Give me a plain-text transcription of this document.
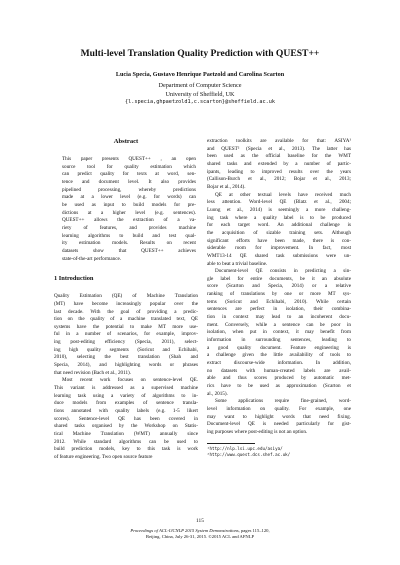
Multi-level Translation Quality Prediction with QUEST++
Lucia Specia, Gustavo Henrique Paetzold and Carolina Scarton
Department of Computer Science
University of Sheffield, UK
{l.specia,ghpaetzold1,c.scarton}@sheffield.ac.uk
Abstract
This paper presents QUEST++ , an open
source tool for quality estimation which
can predict quality for texts at word, sen-
tence and document level. It also provides
pipelined processing, whereby predictions
made at a lower level (e.g. for words) can
be used as input to build models for pre-
dictions at a higher level (e.g. sentences).
QUEST++ allows the extraction of a va-
riety of features, and provides machine
learning algorithms to build and test qual-
ity estimation models. Results on recent
datasets show that QUEST++ achieves
state-of-the-art performance.
1 Introduction
Quality Estimation (QE) of Machine Translation
(MT) have become increasingly popular over the
last decade. With the goal of providing a predic-
tion on the quality of a machine translated text, QE
systems have the potential to make MT more use-
ful in a number of scenarios, for example, improv-
ing post-editing efficiency (Specia, 2011), select-
ing high quality segments (Soricut and Echihabi,
2010), selecting the best translation (Shah and
Specia, 2014), and highlighting words or phrases
that need revision (Bach et al., 2011).
Most recent work focuses on sentence-level QE.
This variant is addressed as a supervised machine
learning task using a variety of algorithms to in-
duce models from examples of sentence transla-
tions annotated with quality labels (e.g. 1-5 likert
scores). Sentence-level QE has been covered in
shared tasks organised by the Workshop on Statis-
tical Machine Translation (WMT) annually since
2012. While standard algorithms can be used to
build prediction models, key to this task is work
of feature engineering. Two open source feature
extraction toolkits are available for that: ASIYA¹
and QUEST² (Specia et al., 2013). The latter has
been used as the official baseline for the WMT
shared tasks and extended by a number of partic-
ipants, leading to improved results over the years
(Callison-Burch et al., 2012; Bojar et al., 2013;
Bojar et al., 2014).
QE at other textual levels have received much
less attention. Word-level QE (Blatz et al., 2004;
Luong et al., 2014) is seemingly a more challeng-
ing task where a quality label is to be produced
for each target word. An additional challenge is
the acquisition of sizable training sets. Although
significant efforts have been made, there is con-
siderable room for improvement. In fact, most
WMT13-14 QE shared task submissions were un-
able to beat a trivial baseline.
Document-level QE consists in predicting a sin-
gle label for entire documents, be it an absolute
score (Scarton and Specia, 2014) or a relative
ranking of translations by one or more MT sys-
tems (Soricut and Echihabi, 2010). While certain
sentences are perfect in isolation, their combina-
tion in context may lead to an incoherent docu-
ment. Conversely, while a sentence can be poor in
isolation, when put in context, it may benefit from
information in surrounding sentences, leading to
a good quality document. Feature engineering is
a challenge given the little availability of tools to
extract discourse-wide information. In addition,
no datasets with human-created labels are avail-
able and thus scores produced by automatic met-
rics have to be used as approximation (Scarton et
al., 2015).
Some applications require fine-grained, word-
level information on quality. For example, one
may want to highlight words that need fixing.
Document-level QE is needed particularly for gist-
ing purposes where post-editing is not an option.
¹http://nlp.lsi.upc.edu/asiya/
²http://www.quest.dcs.shef.ac.uk/
115
Proceedings of ACL-IJCNLP 2015 System Demonstrations, pages 115–120,
Beijing, China, July 26-31, 2015. ©2015 ACL and AFNLP
